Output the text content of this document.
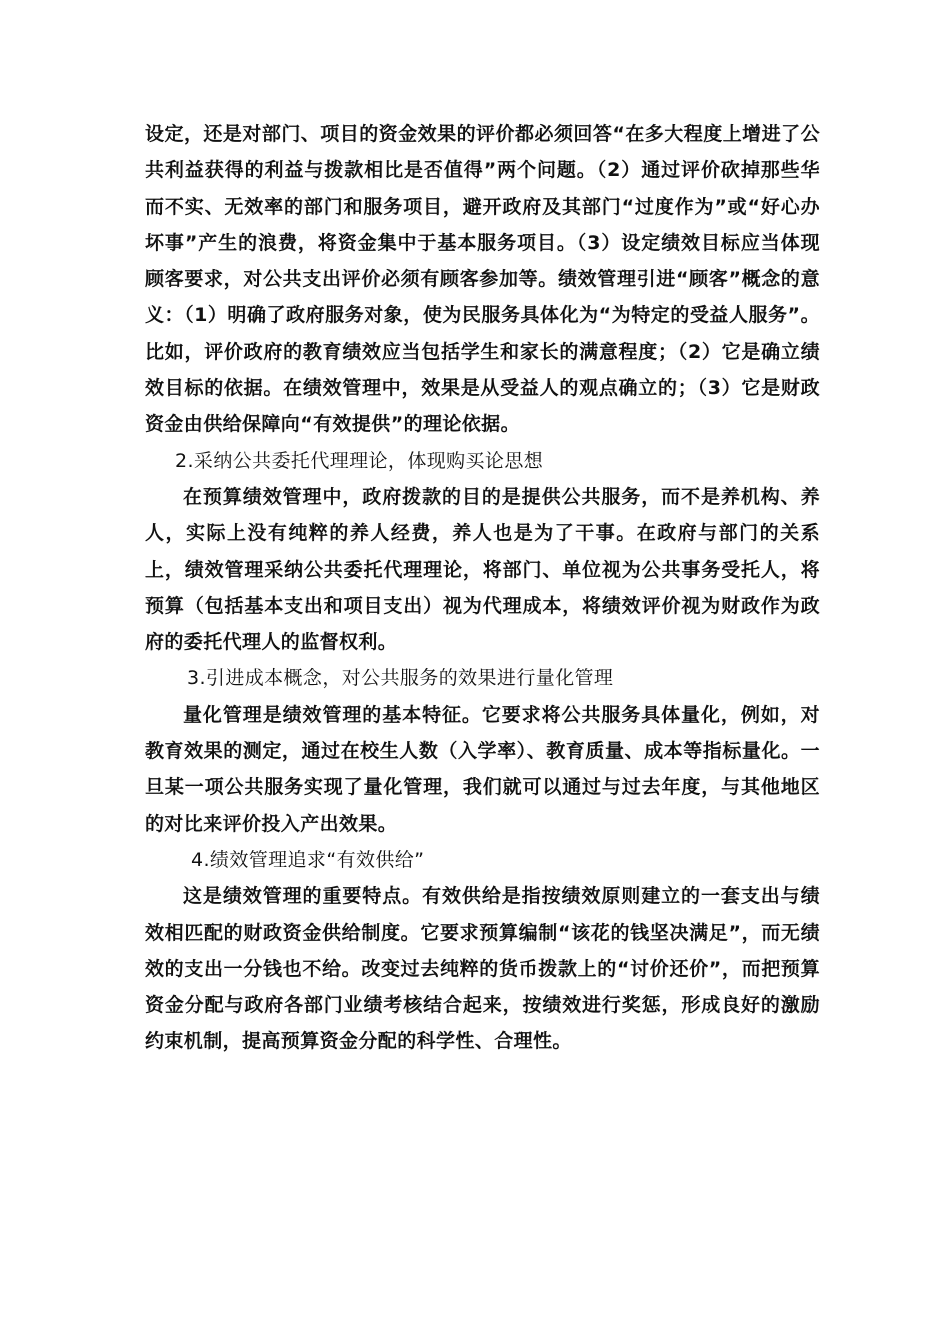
设定，还是对部门、项目的资金效果的评价都必须回答“在多大程度上增进了公共利益获得的利益与拨款相比是否值得”两个问题。（2）通过评价砍掉那些华而不实、无效率的部门和服务项目，避开政府及其部门“过度作为”或“好心办坏事”产生的浪费，将资金集中于基本服务项目。（3）设定绩效目标应当体现顾客要求，对公共支出评价必须有顾客参加等。绩效管理引进“顾客”概念的意义：（1）明确了政府服务对象，使为民服务具体化为“为特定的受益人服务”。比如，评价政府的教育绩效应当包括学生和家长的满意程度；（2）它是确立绩效目标的依据。在绩效管理中，效果是从受益人的观点确立的；（3）它是财政资金由供给保障向“有效提供”的理论依据。

2.采纳公共委托代理理论，体现购买论思想

在预算绩效管理中，政府拨款的目的是提供公共服务，而不是养机构、养人，实际上没有纯粹的养人经费，养人也是为了干事。在政府与部门的关系上，绩效管理采纳公共委托代理理论，将部门、单位视为公共事务受托人，将预算（包括基本支出和项目支出）视为代理成本，将绩效评价视为财政作为政府的委托代理人的监督权利。

3.引进成本概念，对公共服务的效果进行量化管理

量化管理是绩效管理的基本特征。它要求将公共服务具体量化，例如，对教育效果的测定，通过在校生人数（入学率）、教育质量、成本等指标量化。一旦某一项公共服务实现了量化管理，我们就可以通过与过去年度，与其他地区的对比来评价投入产出效果。

4.绩效管理追求“有效供给”

这是绩效管理的重要特点。有效供给是指按绩效原则建立的一套支出与绩效相匹配的财政资金供给制度。它要求预算编制“该花的钱坚决满足”，而无绩效的支出一分钱也不给。改变过去纯粹的货币拨款上的“讨价还价”，而把预算资金分配与政府各部门业绩考核结合起来，按绩效进行奖惩，形成良好的激励约束机制，提高预算资金分配的科学性、合理性。
